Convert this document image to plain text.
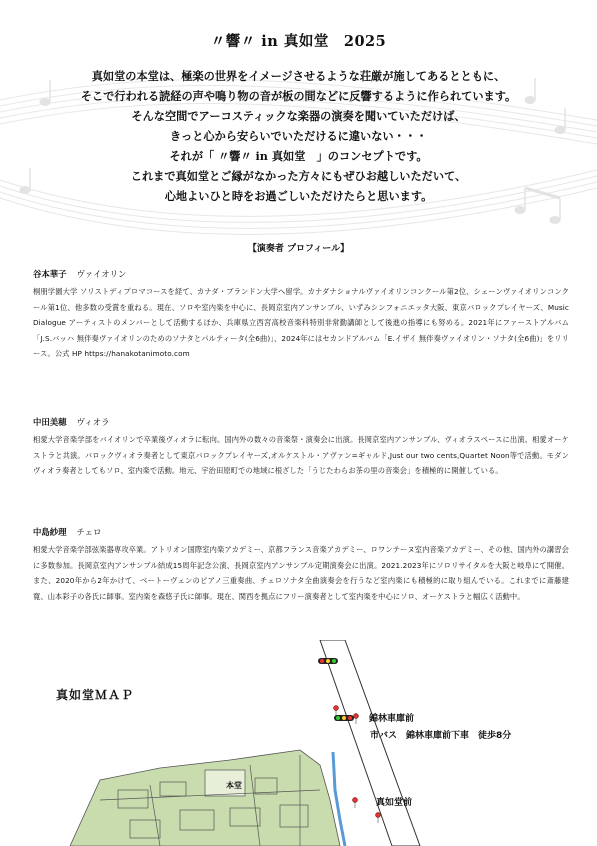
〃響〃 in 真如堂　2025
真如堂の本堂は、極楽の世界をイメージさせるような荘厳が施してあるとともに、
そこで行われる読経の声や鳴り物の音が板の間などに反響するように作られています。
そんな空間でアーコスティックな楽器の演奏を聞いていただけば、
きっと心から安らいでいただけるに違いない・・・
それが「 〃響〃 in 真如堂　」のコンセプトです。
これまで真如堂とご縁がなかった方々にもぜひお越しいただいて、
心地よいひと時をお過ごしいただけたらと思います。
【演奏者 プロフィール】
谷本華子 ヴァイオリン
桐朋学園大学 ソリストディプロマコースを経て、カナダ・ブランドン大学へ留学。カナダナショナルヴァイオリンコンクール第2位、シェーンヴァイオリンコンクール第1位、他多数の受賞を重ねる。現在、ソロや室内楽を中心に、長岡京室内アンサンブル、いずみシンフォニエッタ大阪、東京バロックプレイヤーズ、Music Dialogue アーティストのメンバーとして活動するほか、兵庫県立西宮高校音楽科特別非常勤講師として後進の指導にも努める。2021年にファーストアルバム「J.S.バッハ 無伴奏ヴァイオリンのためのソナタとパルティータ(全6曲)」、2024年にはセカンドアルバム「E.イザイ 無伴奏ヴァイオリン・ソナタ(全6曲)」をリリース。公式 HP https://hanakotanimoto.com
中田美穂 ヴィオラ
相愛大学音楽学部をバイオリンで卒業後ヴィオラに転向。国内外の数々の音楽祭・演奏会に出演。長岡京室内アンサンブル、ヴィオラスペースに出演。相愛オーケストラと共演。バロックヴィオラ奏者として東京バロックプレイヤーズ,オルケストル・アヴァン=ギャルド,Just our two cents,Quartet Noon等で活動。モダンヴィオラ奏者としてもソロ、室内楽で活動。地元、宇治田原町での地域に根ざした「うじたわらお茶の里の音楽会」を積極的に開催している。
中島紗理 チェロ
相愛大学音楽学部弦楽器専攻卒業。アトリオン国際室内楽アカデミー、京都フランス音楽アカデミー、ロワンテーヌ室内音楽アカデミー、その他、国内外の講習会に多数参加。長岡京室内アンサンブル結成15周年記念公演、長岡京室内アンサンブル定期演奏会に出演。2021.2023年にソロリサイタルを大阪と岐阜にて開催。また、2020年から2年かけて、ベートーヴェンのピアノ三重奏曲、チェロソナタ全曲演奏会を行うなど室内楽にも積極的に取り組んでいる。これまでに斎藤建寛、山本彩子の各氏に師事。室内楽を森悠子氏に師事。現在、関西を拠点にフリー演奏者として室内楽を中心にソロ、オーケストラと幅広く活動中。
真如堂ＭＡＰ
錦林車庫前
市バス　錦林車庫前下車　徒歩8分
本堂
真如堂前
